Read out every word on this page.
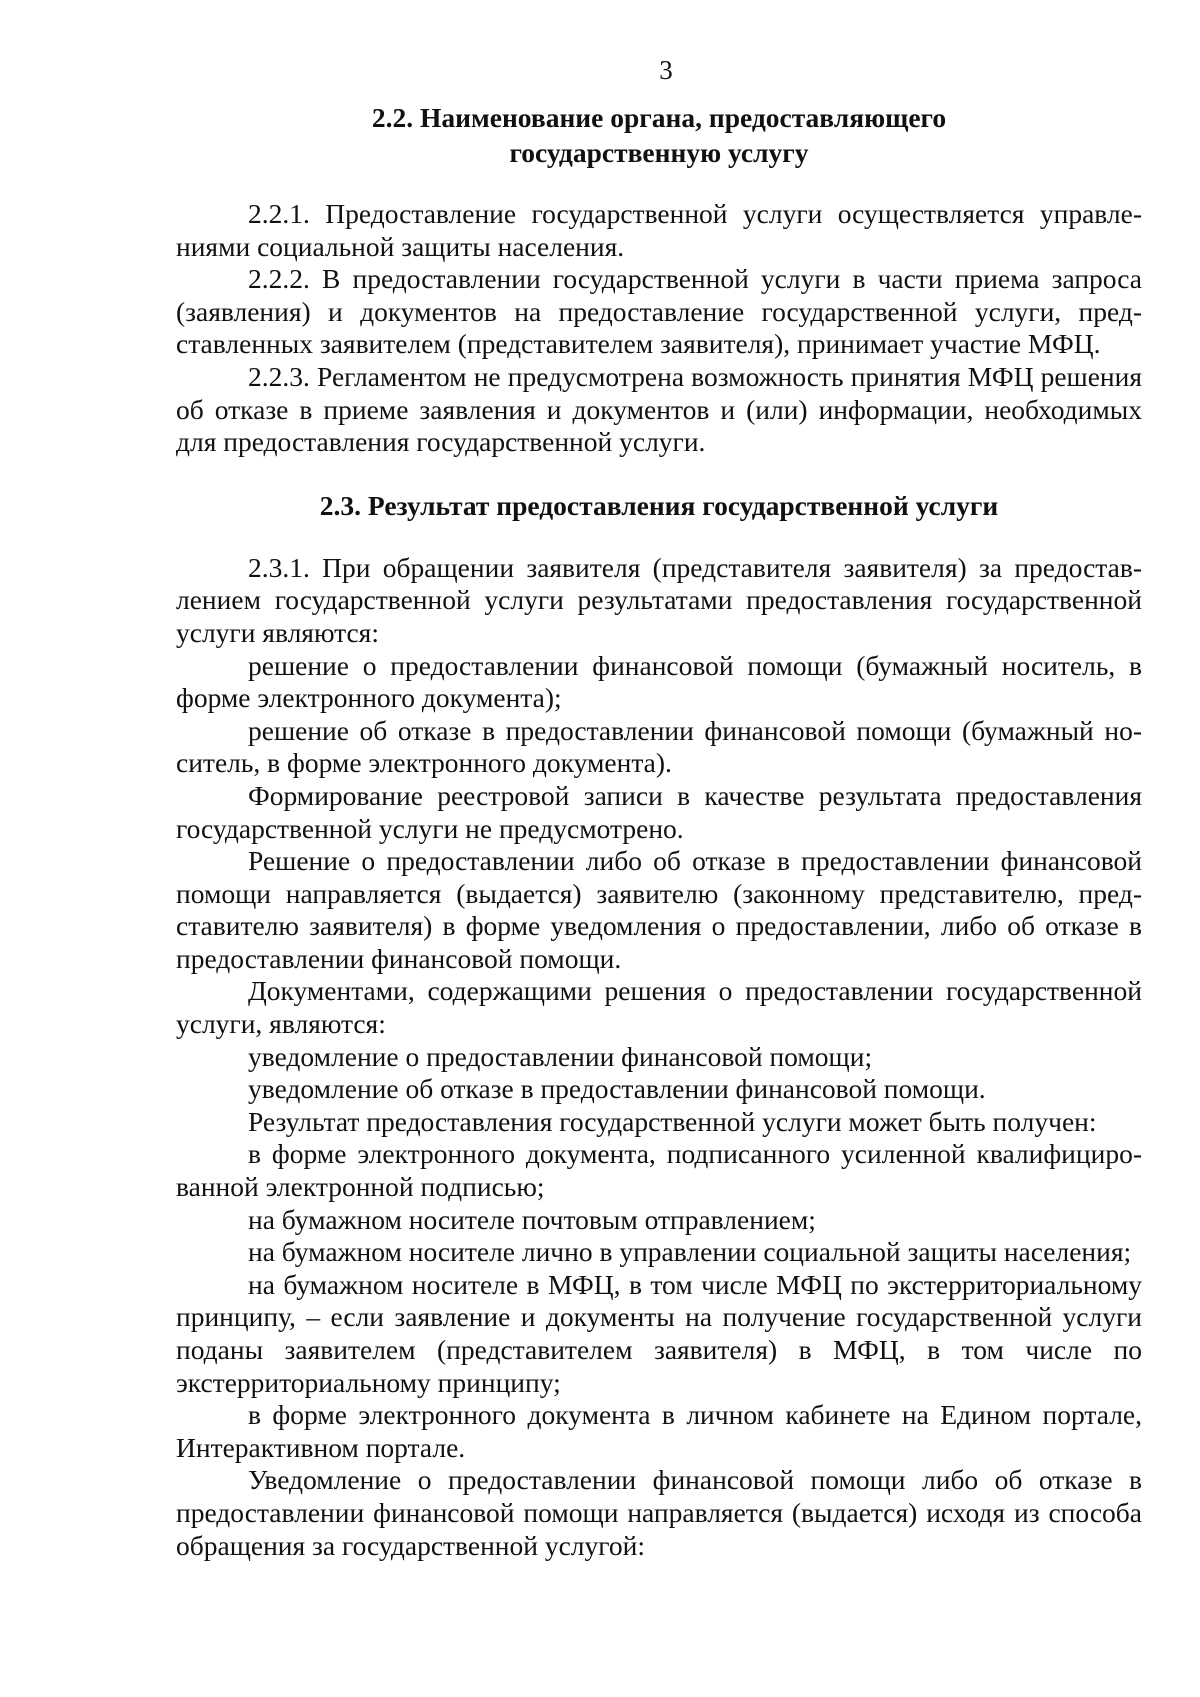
3

2.2. Наименование органа, предоставляющего
государственную услугу

2.2.1. Предоставление государственной услуги осуществляется управлениями социальной защиты населения.

2.2.2. В предоставлении государственной услуги в части приема запроса (заявления) и документов на предоставление государственной услуги, представленных заявителем (представителем заявителя), принимает участие МФЦ.

2.2.3. Регламентом не предусмотрена возможность принятия МФЦ решения об отказе в приеме заявления и документов и (или) информации, необходимых для предоставления государственной услуги.

2.3. Результат предоставления государственной услуги

2.3.1. При обращении заявителя (представителя заявителя) за предоставлением государственной услуги результатами предоставления государственной услуги являются:

решение о предоставлении финансовой помощи (бумажный носитель, в форме электронного документа);

решение об отказе в предоставлении финансовой помощи (бумажный носитель, в форме электронного документа).

Формирование реестровой записи в качестве результата предоставления государственной услуги не предусмотрено.

Решение о предоставлении либо об отказе в предоставлении финансовой помощи направляется (выдается) заявителю (законному представителю, представителю заявителя) в форме уведомления о предоставлении, либо об отказе в предоставлении финансовой помощи.

Документами, содержащими решения о предоставлении государственной услуги, являются:

уведомление о предоставлении финансовой помощи;

уведомление об отказе в предоставлении финансовой помощи.

Результат предоставления государственной услуги может быть получен:

в форме электронного документа, подписанного усиленной квалифицированной электронной подписью;

на бумажном носителе почтовым отправлением;

на бумажном носителе лично в управлении социальной защиты населения;

на бумажном носителе в МФЦ, в том числе МФЦ по экстерриториальному принципу, – если заявление и документы на получение государственной услуги поданы заявителем (представителем заявителя) в МФЦ, в том числе по экстерриториальному принципу;

в форме электронного документа в личном кабинете на Едином портале, Интерактивном портале.

Уведомление о предоставлении финансовой помощи либо об отказе в предоставлении финансовой помощи направляется (выдается) исходя из способа обращения за государственной услугой:
